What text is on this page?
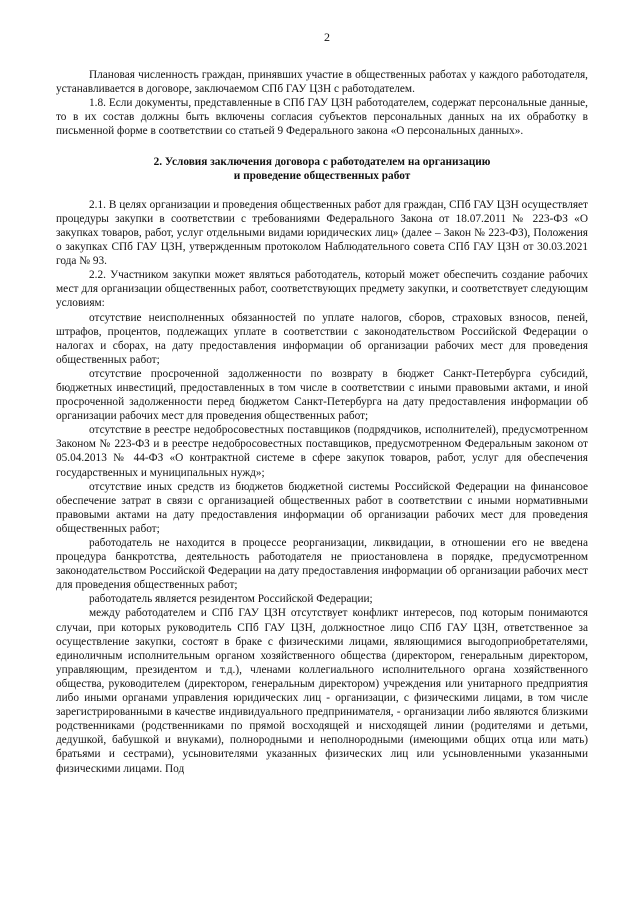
2

Плановая численность граждан, принявших участие в общественных работах у каждого работодателя, устанавливается в договоре, заключаемом СПб ГАУ ЦЗН с работодателем.

1.8. Если документы, представленные в СПб ГАУ ЦЗН работодателем, содержат персональные данные, то в их состав должны быть включены согласия субъектов персональных данных на их обработку в письменной форме в соответствии со статьей 9 Федерального закона «О персональных данных».

2. Условия заключения договора с работодателем на организацию
и проведение общественных работ

2.1. В целях организации и проведения общественных работ для граждан, СПб ГАУ ЦЗН осуществляет процедуры закупки в соответствии с требованиями Федерального Закона от 18.07.2011 № 223-ФЗ «О закупках товаров, работ, услуг отдельными видами юридических лиц» (далее – Закон № 223-ФЗ), Положения о закупках СПб ГАУ ЦЗН, утвержденным протоколом Наблюдательного совета СПб ГАУ ЦЗН от 30.03.2021 года № 93.

2.2. Участником закупки может являться работодатель, который может обеспечить создание рабочих мест для организации общественных работ, соответствующих предмету закупки, и соответствует следующим условиям:

отсутствие неисполненных обязанностей по уплате налогов, сборов, страховых взносов, пеней, штрафов, процентов, подлежащих уплате в соответствии с законодательством Российской Федерации о налогах и сборах, на дату предоставления информации об организации рабочих мест для проведения общественных работ;

отсутствие просроченной задолженности по возврату в бюджет Санкт-Петербурга субсидий, бюджетных инвестиций, предоставленных в том числе в соответствии с иными правовыми актами, и иной просроченной задолженности перед бюджетом Санкт-Петербурга на дату предоставления информации об организации рабочих мест для проведения общественных работ;

отсутствие в реестре недобросовестных поставщиков (подрядчиков, исполнителей), предусмотренном Законом № 223-ФЗ и в реестре недобросовестных поставщиков, предусмотренном Федеральным законом от 05.04.2013 № 44-ФЗ «О контрактной системе в сфере закупок товаров, работ, услуг для обеспечения государственных и муниципальных нужд»;

отсутствие иных средств из бюджетов бюджетной системы Российской Федерации на финансовое обеспечение затрат в связи с организацией общественных работ в соответствии с иными нормативными правовыми актами на дату предоставления информации об организации рабочих мест для проведения общественных работ;

работодатель не находится в процессе реорганизации, ликвидации, в отношении его не введена процедура банкротства, деятельность работодателя не приостановлена в порядке, предусмотренном законодательством Российской Федерации на дату предоставления информации об организации рабочих мест для проведения общественных работ;

работодатель является резидентом Российской Федерации;

между работодателем и СПб ГАУ ЦЗН отсутствует конфликт интересов, под которым понимаются случаи, при которых руководитель СПб ГАУ ЦЗН, должностное лицо СПб ГАУ ЦЗН, ответственное за осуществление закупки, состоят в браке с физическими лицами, являющимися выгодоприобретателями, единоличным исполнительным органом хозяйственного общества (директором, генеральным директором, управляющим, президентом и т.д.), членами коллегиального исполнительного органа хозяйственного общества, руководителем (директором, генеральным директором) учреждения или унитарного предприятия либо иными органами управления юридических лиц - организации, с физическими лицами, в том числе зарегистрированными в качестве индивидуального предпринимателя, - организации либо являются близкими родственниками (родственниками по прямой восходящей и нисходящей линии (родителями и детьми, дедушкой, бабушкой и внуками), полнородными и неполнородными (имеющими общих отца или мать) братьями и сестрами), усыновителями указанных физических лиц или усыновленными указанными физическими лицами. Под
